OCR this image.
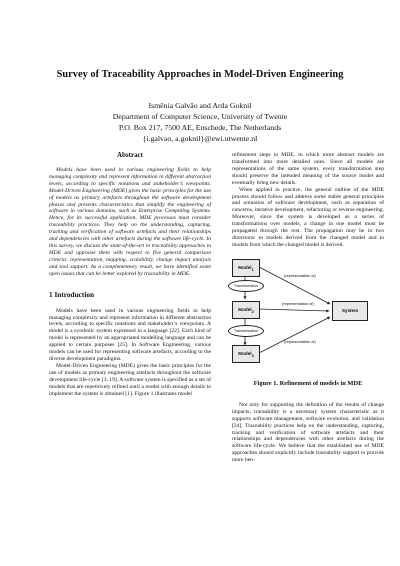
Survey of Traceability Approaches in Model-Driven Engineering
Ismênia Galvão and Arda Goknil
Department of Computer Science, University of Twente
P.O. Box 217, 7500 AE, Enschede, The Netherlands
{i.galvao, a.goknil}@ewi.utwente.nl
Abstract

Models have been used in various engineering fields to help managing complexity and represent information in different abstraction levels, according to specific notations and stakeholder’s viewpoints. Model-Driven Engineering (MDE) gives the basic principles for the use of models as primary artefacts throughout the software development phases and presents characteristics that simplify the engineering of software in various domains, such as Enterprise Computing Systems. Hence, for its successful application, MDE processes must consider traceability practices. They help on the understanding, capturing, tracking and verification of software artefacts and their relationships and dependencies with other artefacts during the software life-cycle. In this survey, we discuss the state-of-the-art in traceability approaches in MDE and appraise them with respect to five general comparison criteria: representation, mapping, scalability, change impact analysis and tool support. As a complementary result, we have identified some open issues that can be better explored by traceability in MDE.

1 Introduction

Models have been used in various engineering fields to help managing complexity and represent information in different abstraction levels, according to specific notations and stakeholder’s viewpoints. A model is a symbolic system expressed in a language [22]. Each kind of model is represented by an appropriated modelling language and can be applied to certain purposes [25]. In Software Engineering, various models can be used for representing software artefacts, according to the diverse development paradigms.

Model-Driven Engineering (MDE) gives the basic principles for the use of models as primary engineering artefacts throughout the software development life-cycle [3, 19]. A software system is specified as a set of models that are repetitively refined until a model with enough details to implement the system is obtained [1]. Figure 1 illustrates model

refinement steps in MDE, in which more abstract models are transformed into more detailed ones. Since all models are representations of the same system, every transformation step should preserve the intended meaning of the source model and eventually bring new details.

When applied in practice, the general outline of the MDE process should follow and address some stable general principles and scenarios of software development, such as separation of concerns, iterative development, refactoring or reverse engineering. Moreover, since the system is developed as a series of transformations over models, a change in one model must be propagated through the rest. The propagation may be in two directions: to models derived from the changed model and to models from which the changed model is derived.

Model$_1$
Transformation
Model$_2$
Transformation
Model$_3$
System
(representation of)
(representation of)
(representation of)
Figure 1. Refinement of models in MDE

Not only for supporting the definition of the results of change impacts, traceability is a necessary system characteristic as it supports software management, software evolution, and validation [24]. Traceability practices help on the understanding, capturing, tracking and verification of software artefacts and their relationships and dependencies with other artefacts during the software life-cycle. We believe that the established use of MDE approaches should explicitly include traceability support to provide more ben-
